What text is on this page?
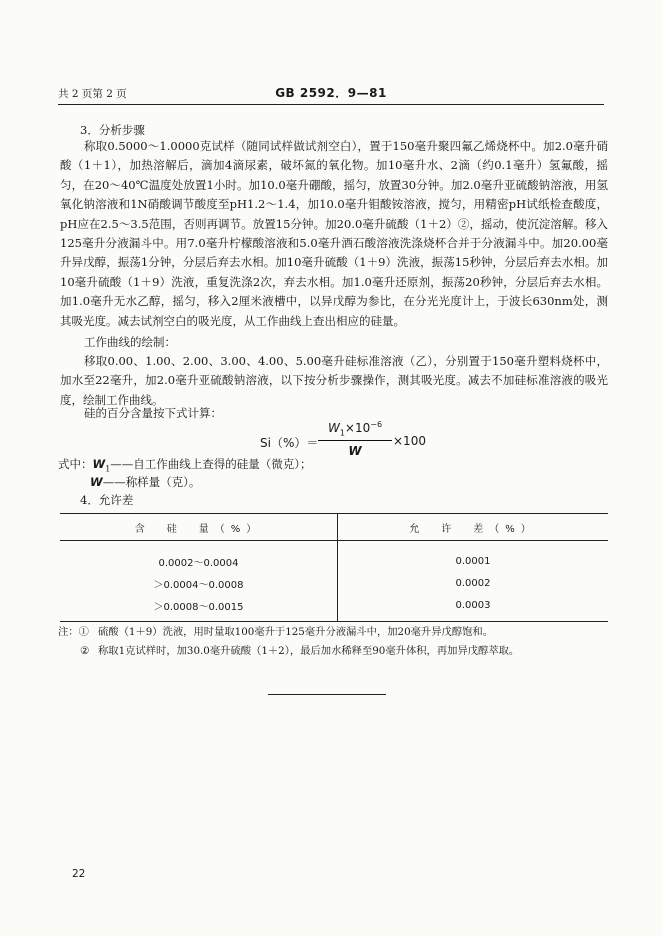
共 2 页第 2 页	GB 2592．9—81
3．分析步骤

称取0.5000～1.0000克试样（随同试样做试剂空白），置于150毫升聚四氟乙烯烧杯中。加2.0毫升硝酸（1＋1），加热溶解后，滴加4滴尿素，破坏氮的氧化物。加10毫升水、2滴（约0.1毫升）氢氟酸，摇匀，在20～40℃温度处放置1小时。加10.0毫升硼酸，摇匀，放置30分钟。加2.0毫升亚硫酸钠溶液，用氢氧化钠溶液和1N硝酸调节酸度至pH1.2～1.4，加10.0毫升钼酸铵溶液，搅匀，用精密pH试纸检查酸度，pH应在2.5～3.5范围，否则再调节。放置15分钟。加20.0毫升硫酸（1＋2）②，摇动，使沉淀溶解。移入125毫升分液漏斗中。用7.0毫升柠檬酸溶液和5.0毫升酒石酸溶液洗涤烧杯合并于分液漏斗中。加20.00毫升异戊醇，振荡1分钟，分层后弃去水相。加10毫升硫酸（1＋9）洗液，振荡15秒钟，分层后弃去水相。加10毫升硫酸（1＋9）洗液，重复洗涤2次，弃去水相。加1.0毫升还原剂，振荡20秒钟，分层后弃去水相。加1.0毫升无水乙醇，摇匀，移入2厘米液槽中，以异戊醇为参比，在分光光度计上，于波长630nm处，测其吸光度。减去试剂空白的吸光度，从工作曲线上查出相应的硅量。

工作曲线的绘制：

移取0.00、1.00、2.00、3.00、4.00、5.00毫升硅标准溶液（乙），分别置于150毫升塑料烧杯中，加水至22毫升，加2.0毫升亚硫酸钠溶液，以下按分析步骤操作，测其吸光度。减去不加硅标准溶液的吸光度，绘制工作曲线。

硅的百分含量按下式计算：
Si（%）＝
$W_1\times 10^{-6}$
W
×100
式中：$W_1——$自工作曲线上查得的硅量（微克）；
W——称样量（克）。
4．允许差
含　硅　量（%）	允　许　差（%）
0.0002～0.0004	0.0001
＞0.0004～0.0008	0.0002
＞0.0008～0.0015	0.0003
注：① 硫酸（1＋9）洗液，用时量取100毫升于125毫升分液漏斗中，加20毫升异戊醇饱和。
② 称取1克试样时，加30.0毫升硫酸（1＋2），最后加水稀释至90毫升体积，再加异戊醇萃取。
22
